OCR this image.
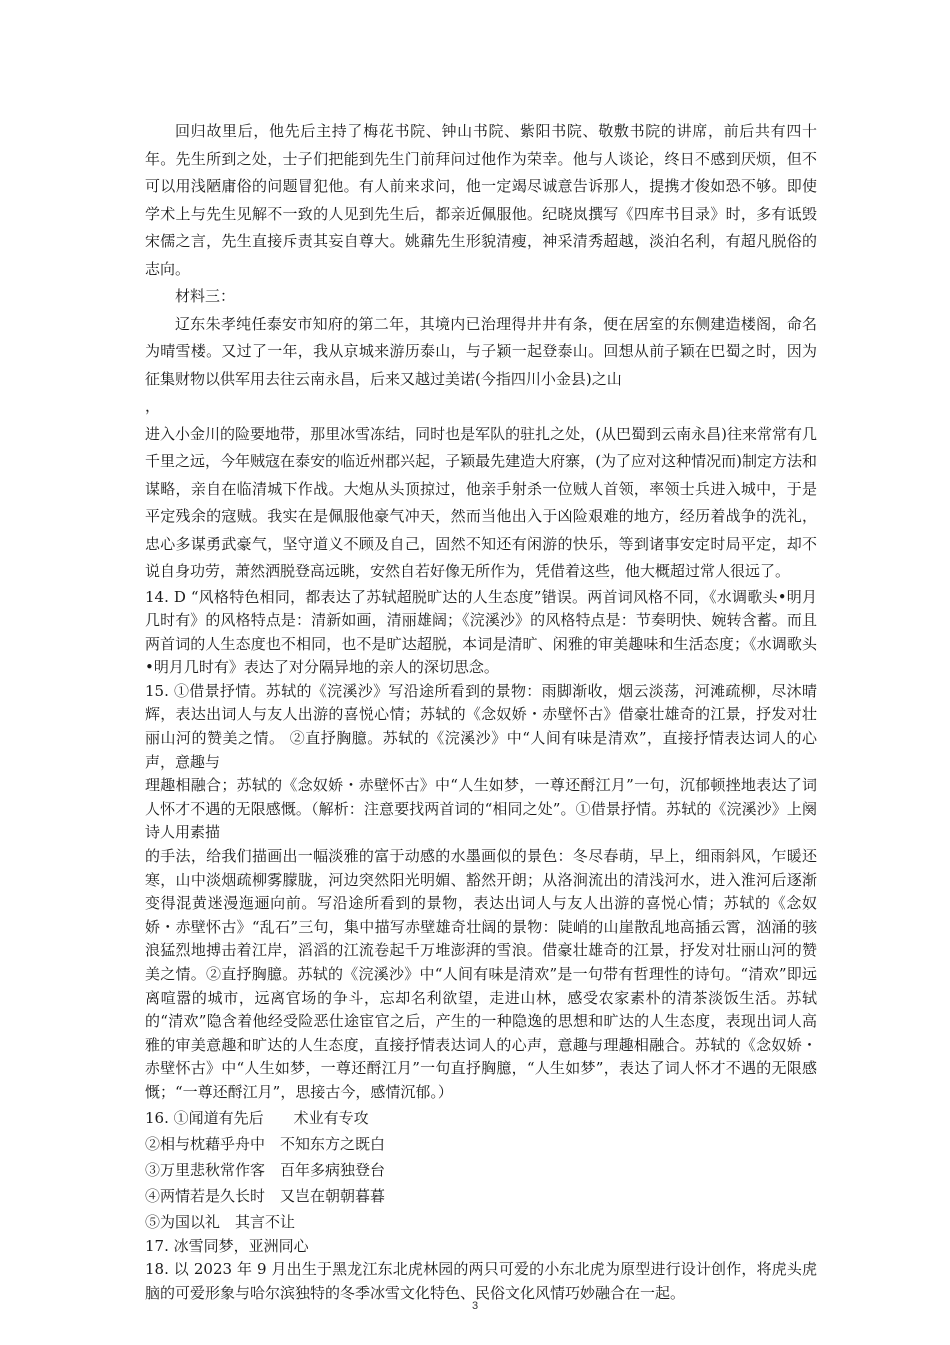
回归故里后，他先后主持了梅花书院、钟山书院、紫阳书院、敬敷书院的讲席，前后共有四十年。先生所到之处，士子们把能到先生门前拜问过他作为荣幸。他与人谈论，终日不感到厌烦，但不可以用浅陋庸俗的问题冒犯他。有人前来求问，他一定竭尽诚意告诉那人，提携才俊如恐不够。即使学术上与先生见解不一致的人见到先生后，都亲近佩服他。纪晓岚撰写《四库书目录》时，多有诋毁宋儒之言，先生直接斥责其妄自尊大。姚鼐先生形貌清瘦，神采清秀超越，淡泊名利，有超凡脱俗的志向。

材料三：

辽东朱孝纯任泰安市知府的第二年，其境内已治理得井井有条，便在居室的东侧建造楼阁，命名为晴雪楼。又过了一年，我从京城来游历泰山，与子颖一起登泰山。回想从前子颖在巴蜀之时，因为征集财物以供军用去往云南永昌，后来又越过美诺(今指四川小金县)之山

，

进入小金川的险要地带，那里冰雪冻结，同时也是军队的驻扎之处，(从巴蜀到云南永昌)往来常常有几千里之远，今年贼寇在泰安的临近州郡兴起，子颖最先建造大府寨，(为了应对这种情况而)制定方法和谋略，亲自在临清城下作战。大炮从头顶掠过，他亲手射杀一位贼人首领，率领士兵进入城中，于是平定残余的寇贼。我实在是佩服他豪气冲天，然而当他出入于凶险艰难的地方，经历着战争的洗礼，忠心多谋勇武豪气，坚守道义不顾及自己，固然不知还有闲游的快乐，等到诸事安定时局平定，却不说自身功劳，萧然洒脱登高远眺，安然自若好像无所作为，凭借着这些，他大概超过常人很远了。

14. D “风格特色相同，都表达了苏轼超脱旷达的人生态度”错误。两首词风格不同，《水调歌头•明月几时有》的风格特点是：清新如画，清丽雄阔；《浣溪沙》的风格特点是：节奏明快、婉转含蓄。而且两首词的人生态度也不相同，也不是旷达超脱，本词是清旷、闲雅的审美趣味和生活态度；《水调歌头•明月几时有》表达了对分隔异地的亲人的深切思念。

15. ①借景抒情。苏轼的《浣溪沙》写沿途所看到的景物：雨脚渐收，烟云淡荡，河滩疏柳，尽沐晴辉，表达出词人与友人出游的喜悦心情；苏轼的《念奴娇・赤壁怀古》借豪壮雄奇的江景，抒发对壮丽山河的赞美之情。 ②直抒胸臆。苏轼的《浣溪沙》中“人间有味是清欢”，直接抒情表达词人的心声，意趣与

理趣相融合；苏轼的《念奴娇・赤壁怀古》中“人生如梦，一尊还酹江月”一句，沉郁顿挫地表达了词人怀才不遇的无限感慨。（解析：注意要找两首词的“相同之处”。①借景抒情。苏轼的《浣溪沙》上阕诗人用素描

的手法，给我们描画出一幅淡雅的富于动感的水墨画似的景色：冬尽春萌，早上，细雨斜风，乍暖还寒，山中淡烟疏柳雾朦胧，河边突然阳光明媚、豁然开朗；从洛涧流出的清浅河水，进入淮河后逐渐变得混黄迷漫迤逦向前。写沿途所看到的景物，表达出词人与友人出游的喜悦心情；苏轼的《念奴娇・赤壁怀古》“乱石”三句，集中描写赤壁雄奇壮阔的景物：陡峭的山崖散乱地高插云霄，汹涌的骇浪猛烈地搏击着江岸，滔滔的江流卷起千万堆澎湃的雪浪。借豪壮雄奇的江景，抒发对壮丽山河的赞美之情。②直抒胸臆。苏轼的《浣溪沙》中“人间有味是清欢”是一句带有哲理性的诗句。“清欢”即远离喧嚣的城市，远离官场的争斗，忘却名利欲望，走进山林，感受农家素朴的清茶淡饭生活。苏轼的“清欢”隐含着他经受险恶仕途宦官之后，产生的一种隐逸的思想和旷达的人生态度，表现出词人高雅的审美意趣和旷达的人生态度，直接抒情表达词人的心声，意趣与理趣相融合。苏轼的《念奴娇・赤壁怀古》中“人生如梦，一尊还酹江月”一句直抒胸臆，“人生如梦”，表达了词人怀才不遇的无限感慨；“一尊还酹江月”，思接古今，感情沉郁。）

16. ①闻道有先后　　术业有专攻

②相与枕藉乎舟中　不知东方之既白

③万里悲秋常作客　百年多病独登台

④两情若是久长时　又岂在朝朝暮暮

⑤为国以礼　其言不让

17. 冰雪同梦，亚洲同心

18. 以 2023 年 9 月出生于黑龙江东北虎林园的两只可爱的小东北虎为原型进行设计创作，将虎头虎脑的可爱形象与哈尔滨独特的冬季冰雪文化特色、民俗文化风情巧妙融合在一起。

3
